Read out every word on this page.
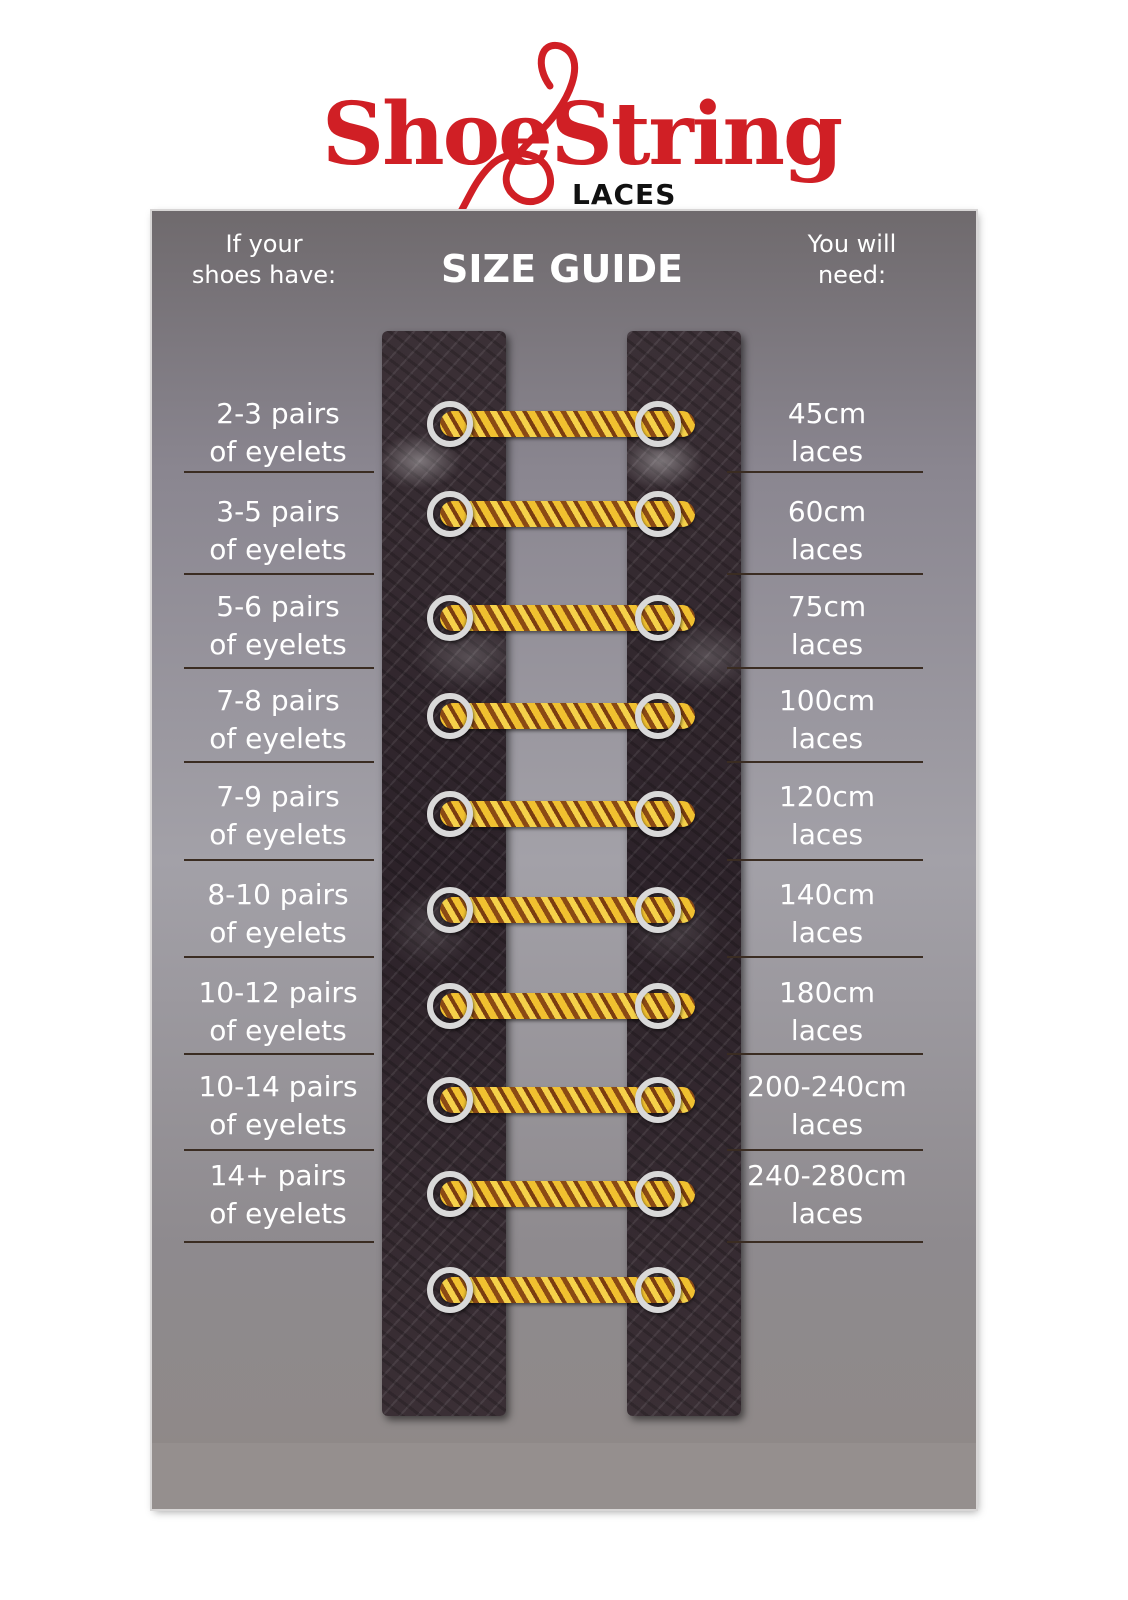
ShoeString
LACES
If your
shoes have:	SIZE GUIDE
You will
need:
2-3 pairs
of eyelets
45cm
laces
3-5 pairs
of eyelets
60cm
laces
5-6 pairs
of eyelets
75cm
laces
7-8 pairs
of eyelets
100cm
laces
7-9 pairs
of eyelets
120cm
laces
8-10 pairs
of eyelets
140cm
laces
10-12 pairs
of eyelets
180cm
laces
10-14 pairs
of eyelets
200-240cm
laces
14+ pairs
of eyelets
240-280cm
laces
